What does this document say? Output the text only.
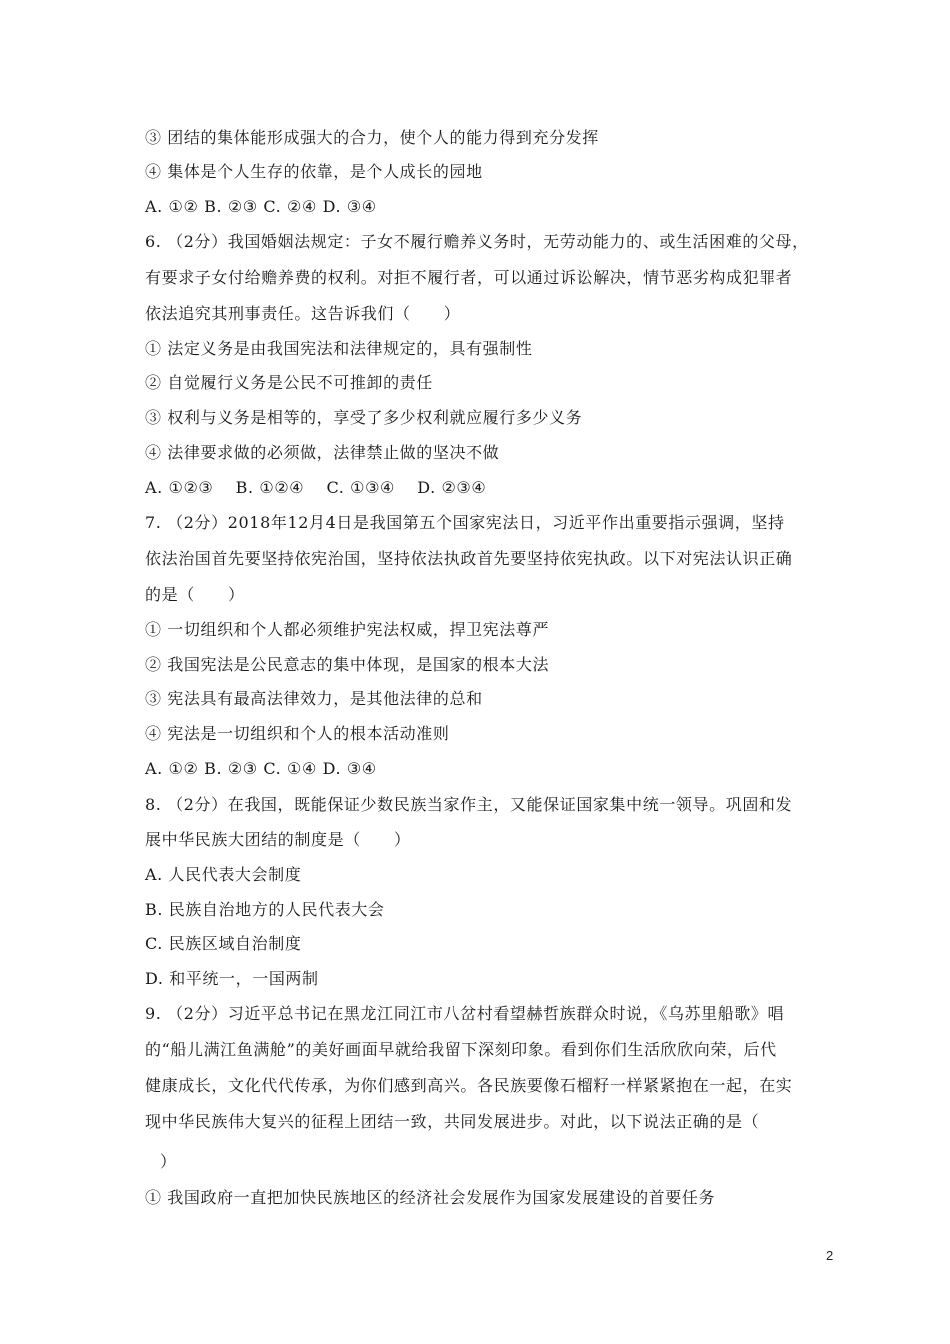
③ 团结的集体能形成强大的合力，使个人的能力得到充分发挥
④ 集体是个人生存的依靠，是个人成长的园地
A. ①② B. ②③ C. ②④ D. ③④
6. （2分）我国婚姻法规定：子女不履行赡养义务时，无劳动能力的、或生活困难的父母，
有要求子女付给赡养费的权利。对拒不履行者，可以通过诉讼解决，情节恶劣构成犯罪者
依法追究其刑事责任。这告诉我们（　　）
① 法定义务是由我国宪法和法律规定的，具有强制性
② 自觉履行义务是公民不可推卸的责任
③ 权利与义务是相等的，享受了多少权利就应履行多少义务
④ 法律要求做的必须做，法律禁止做的坚决不做
A. ①②③　 B. ①②④　 C. ①③④　 D. ②③④
7. （2分）2018年12月4日是我国第五个国家宪法日，习近平作出重要指示强调，坚持
依法治国首先要坚持依宪治国，坚持依法执政首先要坚持依宪执政。以下对宪法认识正确
的是（　　）
① 一切组织和个人都必须维护宪法权威，捍卫宪法尊严
② 我国宪法是公民意志的集中体现，是国家的根本大法
③ 宪法具有最高法律效力，是其他法律的总和
④ 宪法是一切组织和个人的根本活动准则
A. ①② B. ②③ C. ①④ D. ③④
8. （2分）在我国，既能保证少数民族当家作主，又能保证国家集中统一领导。巩固和发
展中华民族大团结的制度是（　　）
A. 人民代表大会制度
B. 民族自治地方的人民代表大会
C. 民族区域自治制度
D. 和平统一，一国两制
9. （2分）习近平总书记在黑龙江同江市八岔村看望赫哲族群众时说，《乌苏里船歌》唱
的“船儿满江鱼满舱”的美好画面早就给我留下深刻印象。看到你们生活欣欣向荣，后代
健康成长，文化代代传承，为你们感到高兴。各民族要像石榴籽一样紧紧抱在一起，在实
现中华民族伟大复兴的征程上团结一致，共同发展进步。对此，以下说法正确的是（
）
① 我国政府一直把加快民族地区的经济社会发展作为国家发展建设的首要任务
2
